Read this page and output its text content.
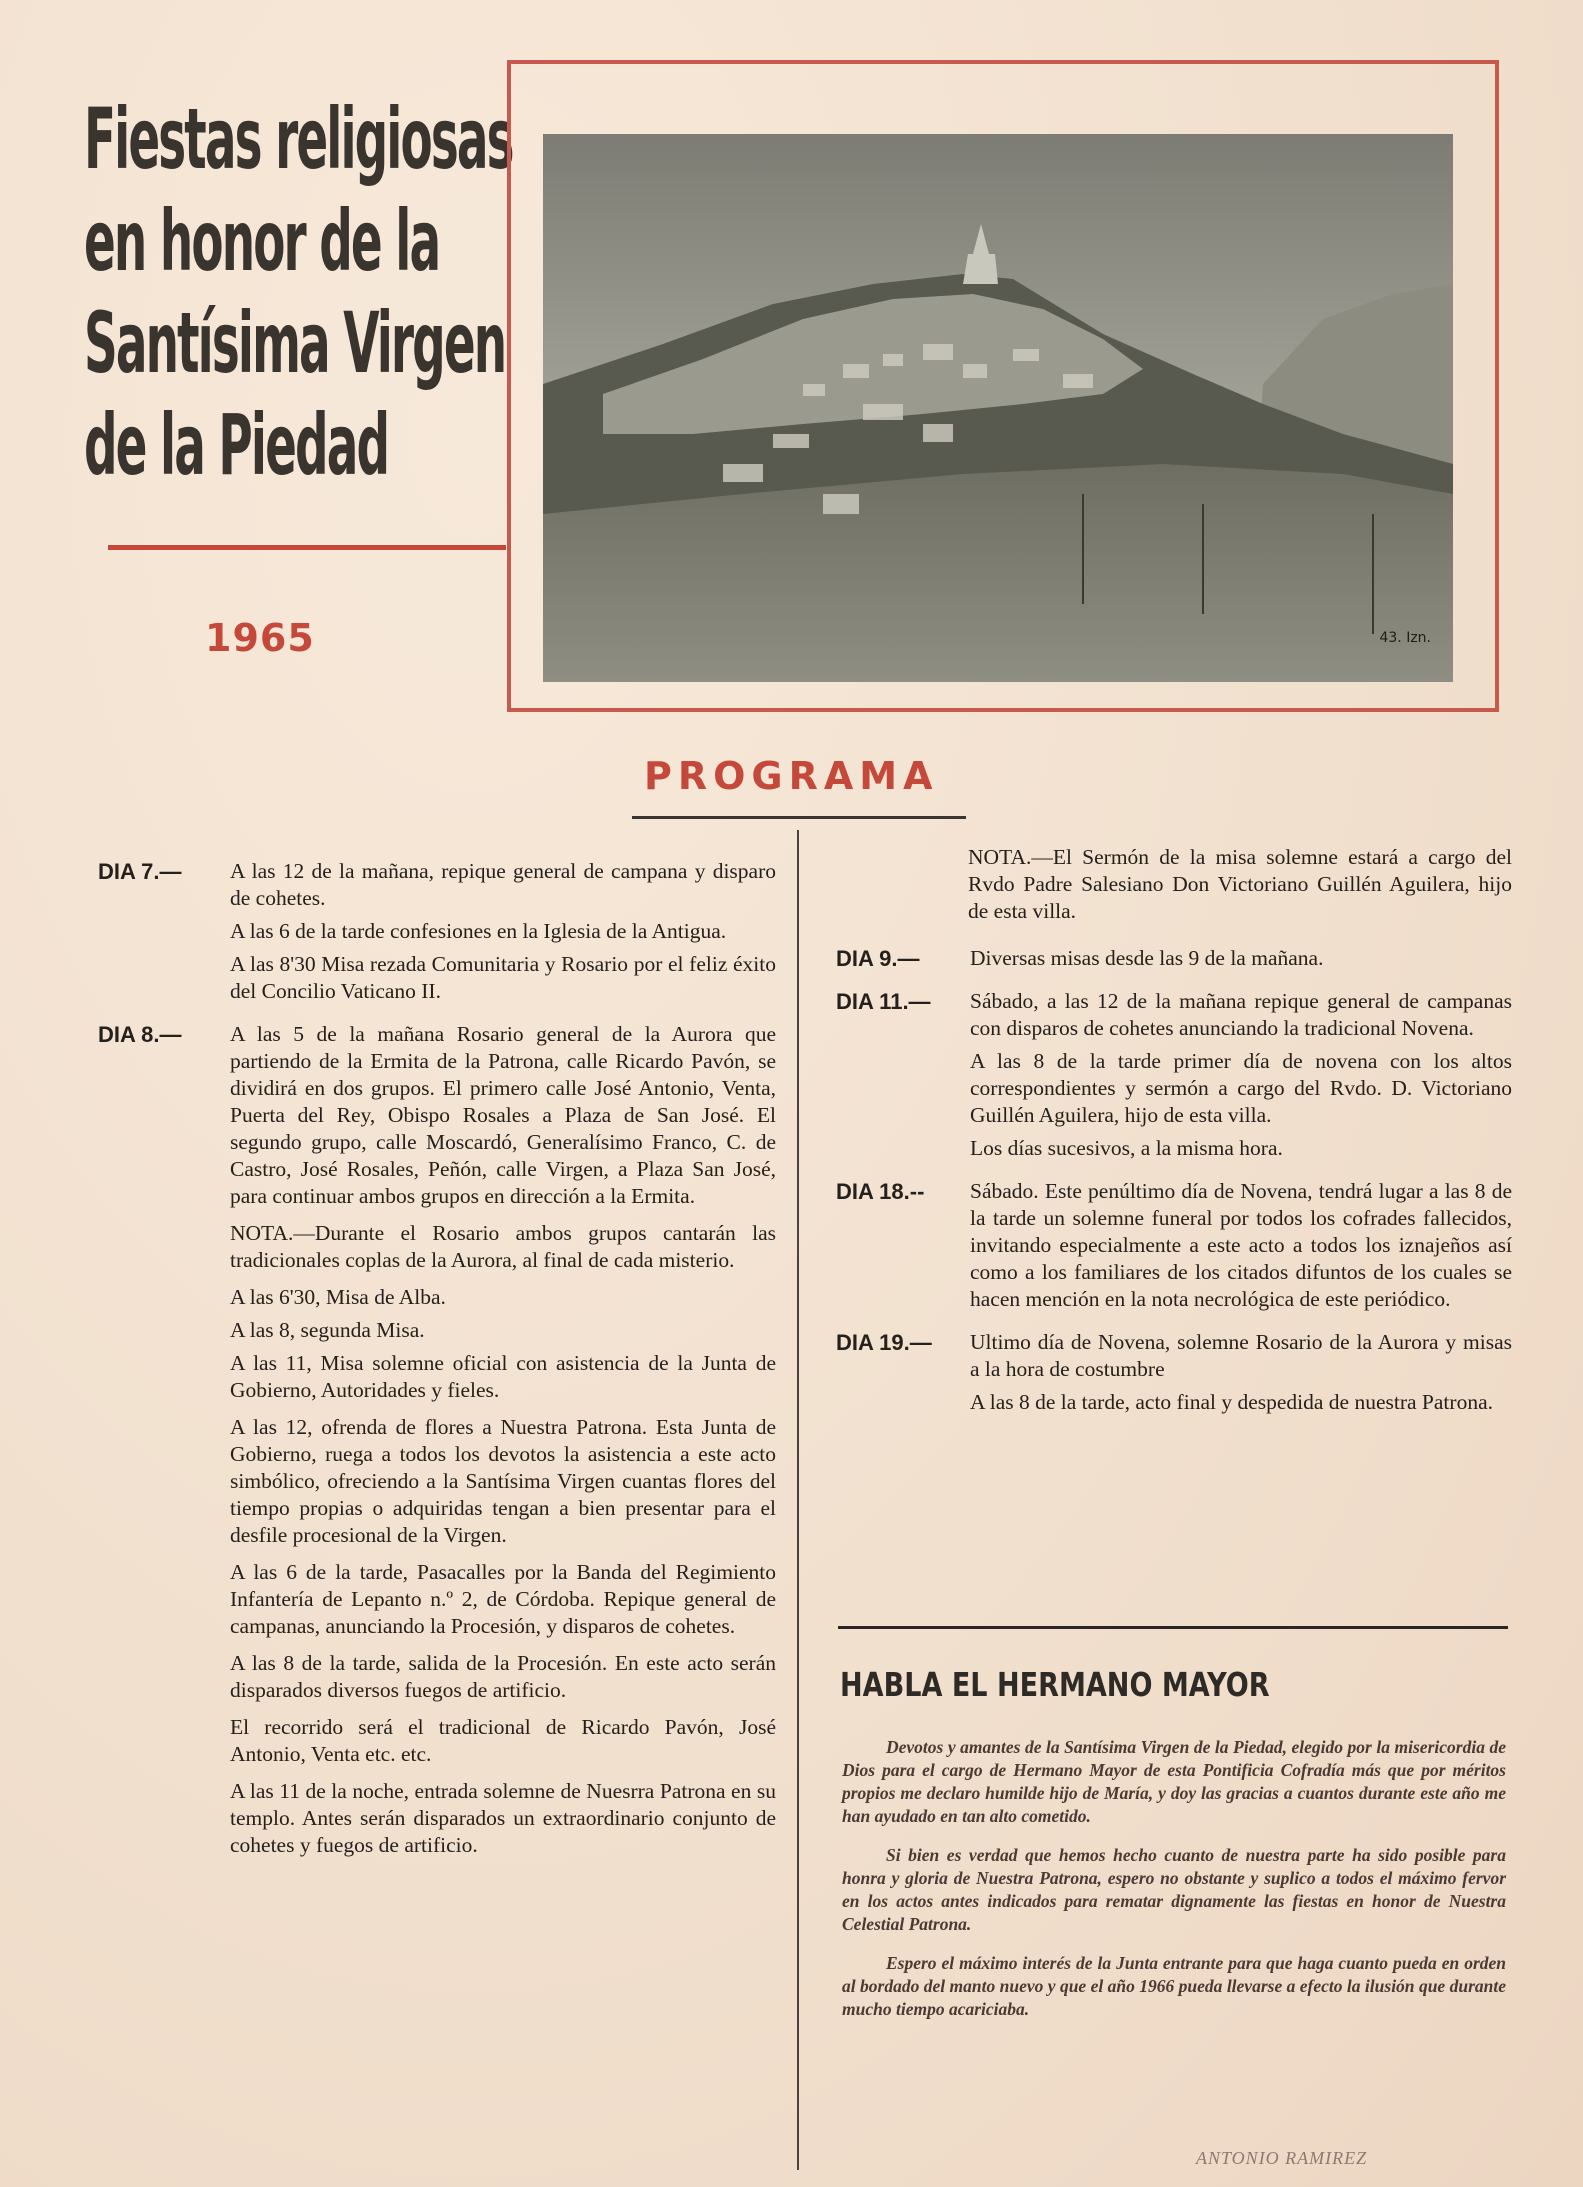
Fiestas religiosas
en honor de la
Santísima Virgen
de la Piedad
1965	43. Izn.
PROGRAMA
DIA 7.— A las 12 de la mañana, repique general de campana y disparo de cohetes.

A las 6 de la tarde confesiones en la Iglesia de la Antigua.

A las 8'30 Misa rezada Comunitaria y Rosario por el feliz éxito del Concilio Vaticano II.

DIA 8.— A las 5 de la mañana Rosario general de la Aurora que partiendo de la Ermita de la Patrona, calle Ricardo Pavón, se dividirá en dos grupos. El primero calle José Antonio, Venta, Puerta del Rey, Obispo Rosales a Plaza de San José. El segundo grupo, calle Moscardó, Generalísimo Franco, C. de Castro, José Rosales, Peñón, calle Virgen, a Plaza San José, para continuar ambos grupos en dirección a la Ermita.

NOTA.—Durante el Rosario ambos grupos cantarán las tradicionales coplas de la Aurora, al final de cada misterio.

A las 6'30, Misa de Alba.

A las 8, segunda Misa.

A las 11, Misa solemne oficial con asistencia de la Junta de Gobierno, Autoridades y fieles.

A las 12, ofrenda de flores a Nuestra Patrona. Esta Junta de Gobierno, ruega a todos los devotos la asistencia a este acto simbólico, ofreciendo a la Santísima Virgen cuantas flores del tiempo propias o adquiridas tengan a bien presentar para el desfile procesional de la Virgen.

A las 6 de la tarde, Pasacalles por la Banda del Regimiento Infantería de Lepanto n.º 2, de Córdoba. Repique general de campanas, anunciando la Procesión, y disparos de cohetes.

A las 8 de la tarde, salida de la Procesión. En este acto serán disparados diversos fuegos de artificio.

El recorrido será el tradicional de Ricardo Pavón, José Antonio, Venta etc. etc.

A las 11 de la noche, entrada solemne de Nuesrra Patrona en su templo. Antes serán disparados un extraordinario conjunto de cohetes y fuegos de artificio.

NOTA.—El Sermón de la misa solemne estará a cargo del Rvdo Padre Salesiano Don Victoriano Guillén Aguilera, hijo de esta villa.
DIA 9.— Diversas misas desde las 9 de la mañana.

DIA 11.— Sábado, a las 12 de la mañana repique general de campanas con disparos de cohetes anunciando la tradicional Novena.

A las 8 de la tarde primer día de novena con los altos correspondientes y sermón a cargo del Rvdo. D. Victoriano Guillén Aguilera, hijo de esta villa.

Los días sucesivos, a la misma hora.

DIA 18.-- Sábado. Este penúltimo día de Novena, tendrá lugar a las 8 de la tarde un solemne funeral por todos los cofrades fallecidos, invitando especialmente a este acto a todos los iznajeños así como a los familiares de los citados difuntos de los cuales se hacen mención en la nota necrológica de este periódico.

DIA 19.— Ultimo día de Novena, solemne Rosario de la Aurora y misas a la hora de costumbre

A las 8 de la tarde, acto final y despedida de nuestra Patrona.

HABLA EL HERMANO MAYOR

Devotos y amantes de la Santísima Virgen de la Piedad, elegido por la misericordia de Dios para el cargo de Hermano Mayor de esta Pontificia Cofradía más que por méritos propios me declaro humilde hijo de María, y doy las gracias a cuantos durante este año me han ayudado en tan alto cometido.

Si bien es verdad que hemos hecho cuanto de nuestra parte ha sido posible para honra y gloria de Nuestra Patrona, espero no obstante y suplico a todos el máximo fervor en los actos antes indicados para rematar dignamente las fiestas en honor de Nuestra Celestial Patrona.

Espero el máximo interés de la Junta entrante para que haga cuanto pueda en orden al bordado del manto nuevo y que el año 1966 pueda llevarse a efecto la ilusión que durante mucho tiempo acariciaba.

ANTONIO RAMIREZ
